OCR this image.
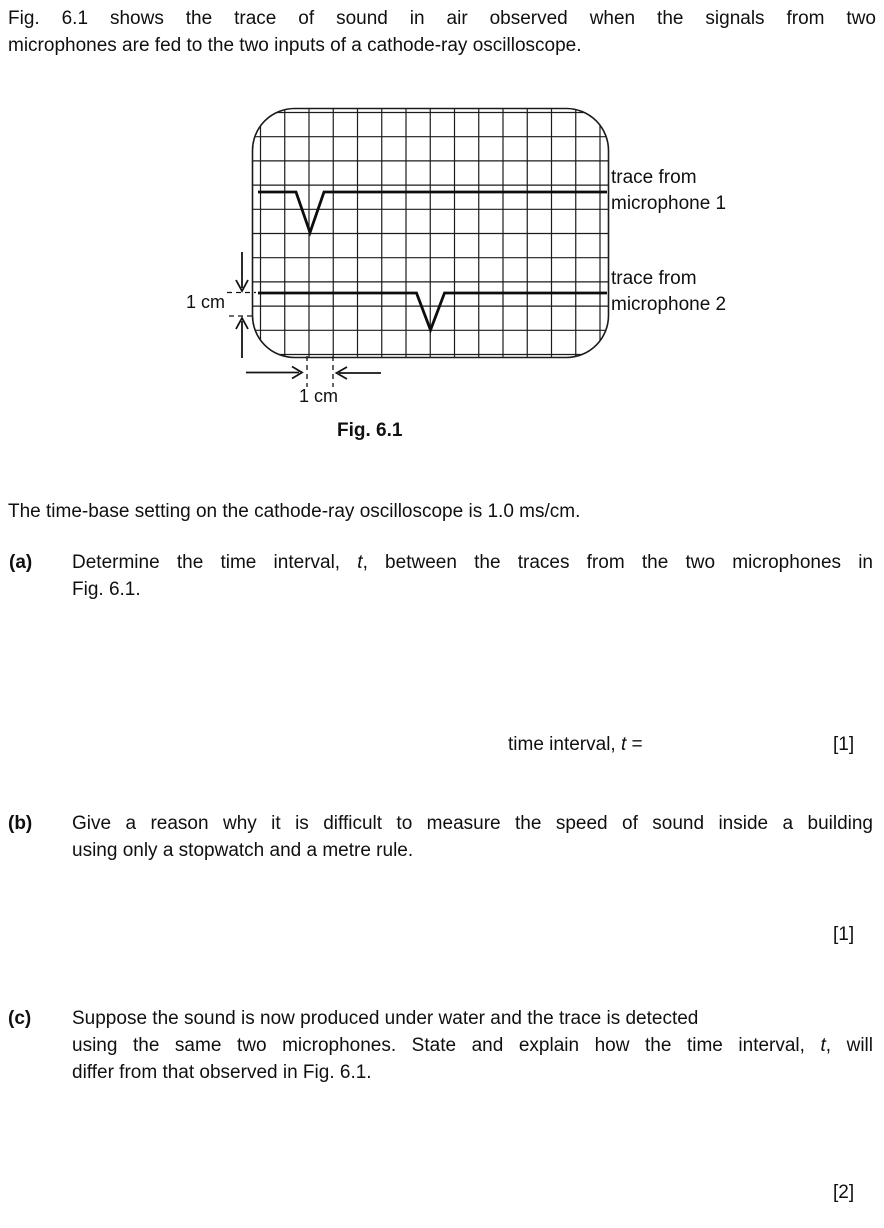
Fig. 6.1 shows the trace of sound in air observed when the signals from two
microphones are fed to the two inputs of a cathode-ray oscilloscope.
trace from
microphone 1
trace from
microphone 2
1 cm
1 cm
Fig. 6.1
The time-base setting on the cathode-ray oscilloscope is 1.0 ms/cm.
(a) Determine the time interval, t, between the traces from the two microphones in
Fig. 6.1.
time interval, t =	[1]
(b) Give a reason why it is difficult to measure the speed of sound inside a building
using only a stopwatch and a metre rule.
[1]
(c) Suppose the sound is now produced under water and the trace is detected
using the same two microphones. State and explain how the time interval, t, will
differ from that observed in Fig. 6.1.
[2]
